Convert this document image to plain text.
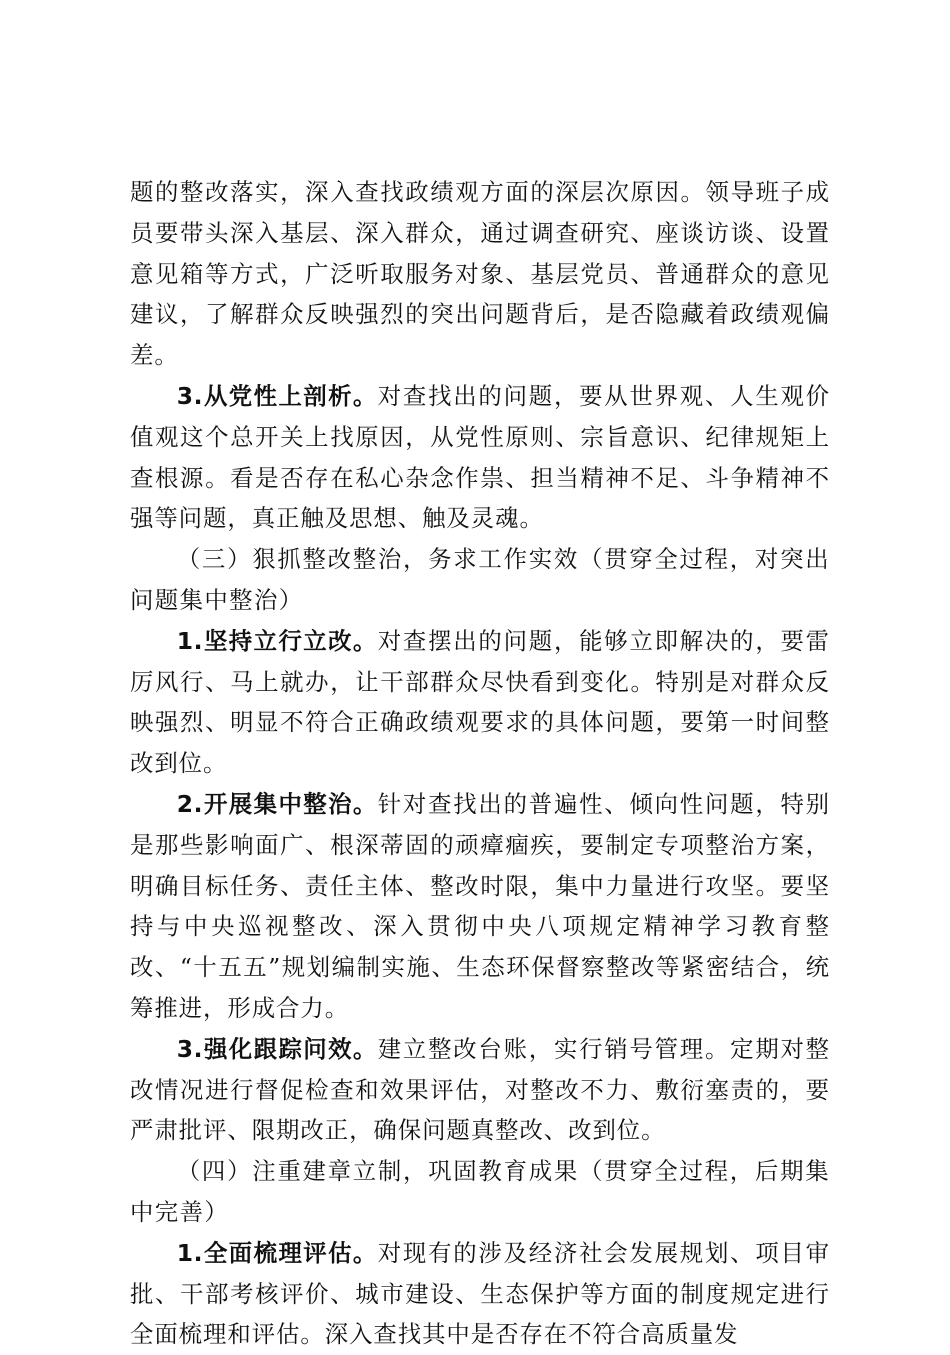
题的整改落实，深入查找政绩观方面的深层次原因。领导班子成员要带头深入基层、深入群众，通过调查研究、座谈访谈、设置意见箱等方式，广泛听取服务对象、基层党员、普通群众的意见建议，了解群众反映强烈的突出问题背后，是否隐藏着政绩观偏差。

3.从党性上剖析。对查找出的问题，要从世界观、人生观价值观这个总开关上找原因，从党性原则、宗旨意识、纪律规矩上查根源。看是否存在私心杂念作祟、担当精神不足、斗争精神不强等问题，真正触及思想、触及灵魂。

（三）狠抓整改整治，务求工作实效（贯穿全过程，对突出问题集中整治）

1.坚持立行立改。对查摆出的问题，能够立即解决的，要雷厉风行、马上就办，让干部群众尽快看到变化。特别是对群众反映强烈、明显不符合正确政绩观要求的具体问题，要第一时间整改到位。

2.开展集中整治。针对查找出的普遍性、倾向性问题，特别是那些影响面广、根深蒂固的顽瘴痼疾，要制定专项整治方案，明确目标任务、责任主体、整改时限，集中力量进行攻坚。要坚持与中央巡视整改、深入贯彻中央八项规定精神学习教育整改、“十五五”规划编制实施、生态环保督察整改等紧密结合，统筹推进，形成合力。

3.强化跟踪问效。建立整改台账，实行销号管理。定期对整改情况进行督促检查和效果评估，对整改不力、敷衍塞责的，要严肃批评、限期改正，确保问题真整改、改到位。

（四）注重建章立制，巩固教育成果（贯穿全过程，后期集中完善）

1.全面梳理评估。对现有的涉及经济社会发展规划、项目审批、干部考核评价、城市建设、生态保护等方面的制度规定进行全面梳理和评估。深入查找其中是否存在不符合高质量发
